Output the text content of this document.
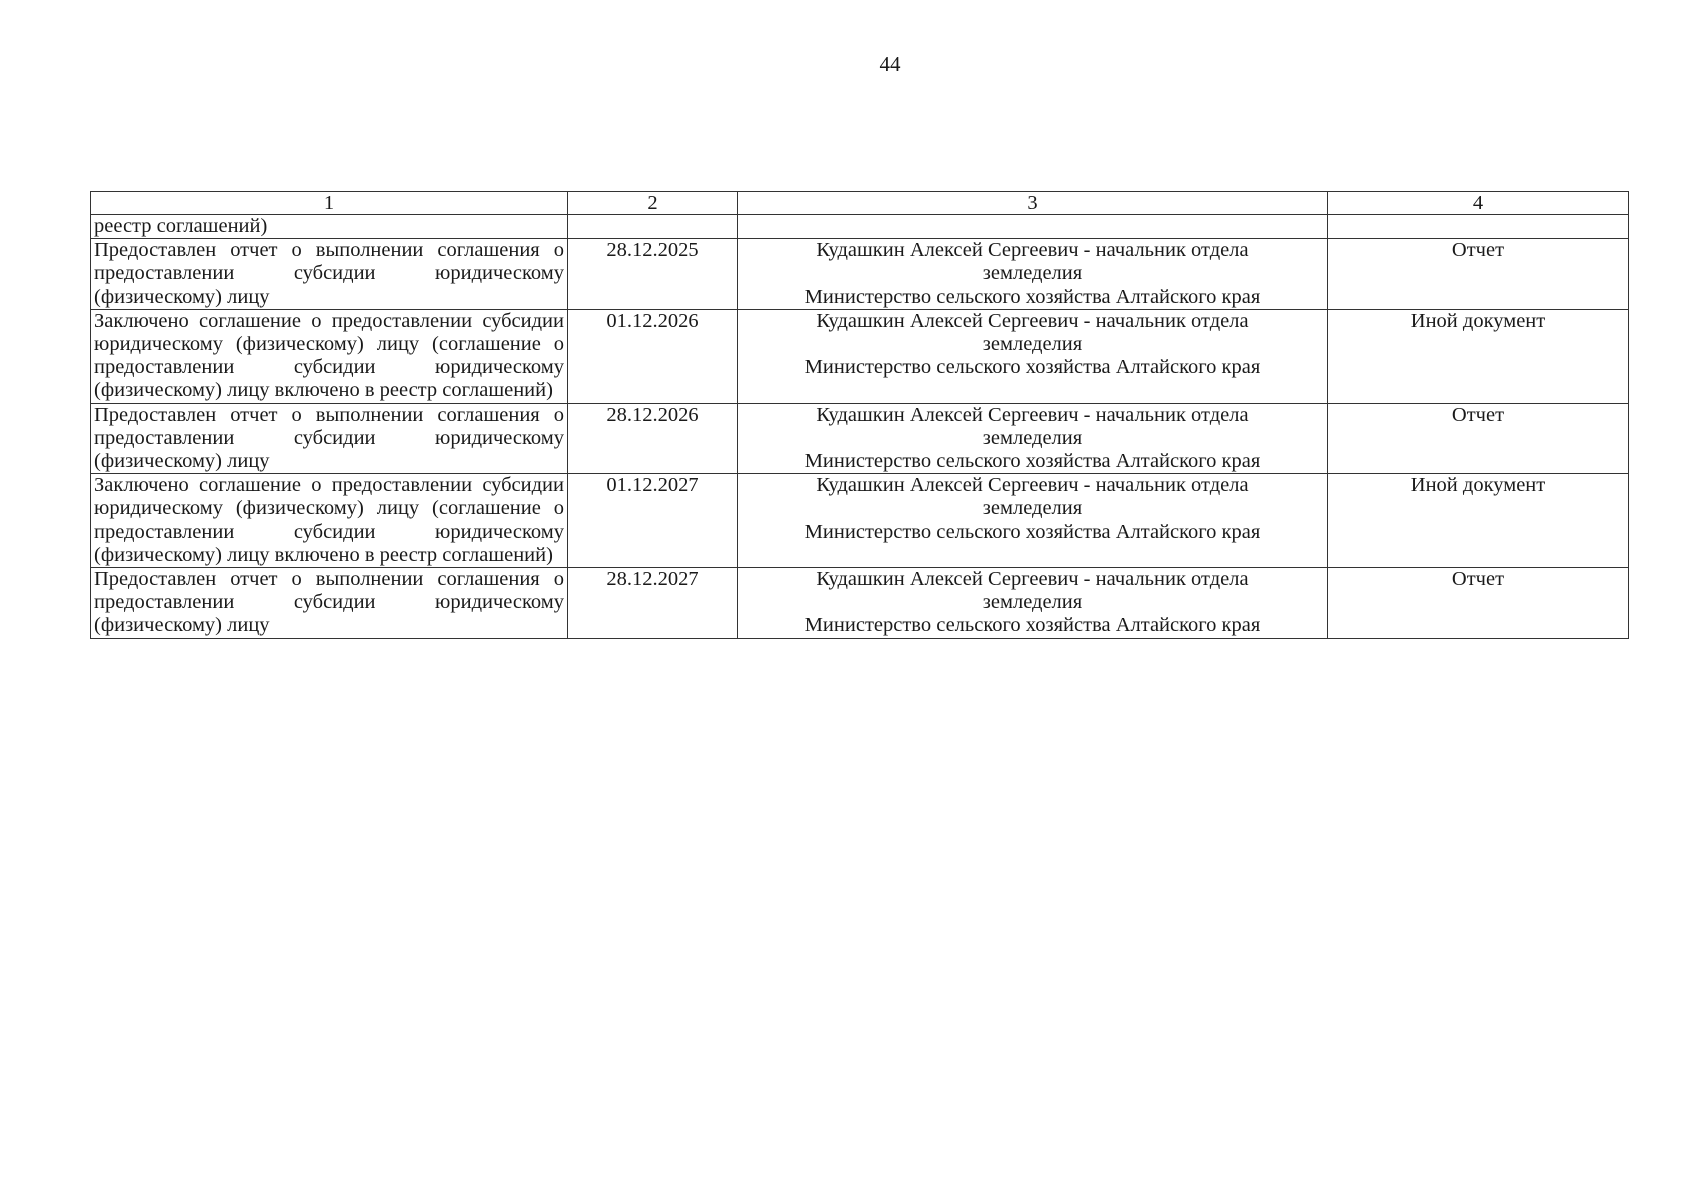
44
1	2	3	4
реестр соглашений)		

Предоставлен отчет о выполнении соглашения о предоставлении субсидии юридическому (физическому) лицу	28.12.2025	Кудашкин Алексей Сергеевич - начальник отдела
земледелия
Министерство сельского хозяйства Алтайского края	Отчет
Заключено соглашение о предоставлении субсидии юридическому (физическому) лицу (соглашение о предоставлении субсидии юридическому (физическому) лицу включено в реестр соглашений)	01.12.2026	Кудашкин Алексей Сергеевич - начальник отдела
земледелия
Министерство сельского хозяйства Алтайского края	Иной документ
Предоставлен отчет о выполнении соглашения о предоставлении субсидии юридическому (физическому) лицу	28.12.2026	Кудашкин Алексей Сергеевич - начальник отдела
земледелия
Министерство сельского хозяйства Алтайского края	Отчет
Заключено соглашение о предоставлении субсидии юридическому (физическому) лицу (соглашение о предоставлении субсидии юридическому (физическому) лицу включено в реестр соглашений)	01.12.2027	Кудашкин Алексей Сергеевич - начальник отдела
земледелия
Министерство сельского хозяйства Алтайского края	Иной документ
Предоставлен отчет о выполнении соглашения о предоставлении субсидии юридическому (физическому) лицу	28.12.2027	Кудашкин Алексей Сергеевич - начальник отдела
земледелия
Министерство сельского хозяйства Алтайского края	Отчет
